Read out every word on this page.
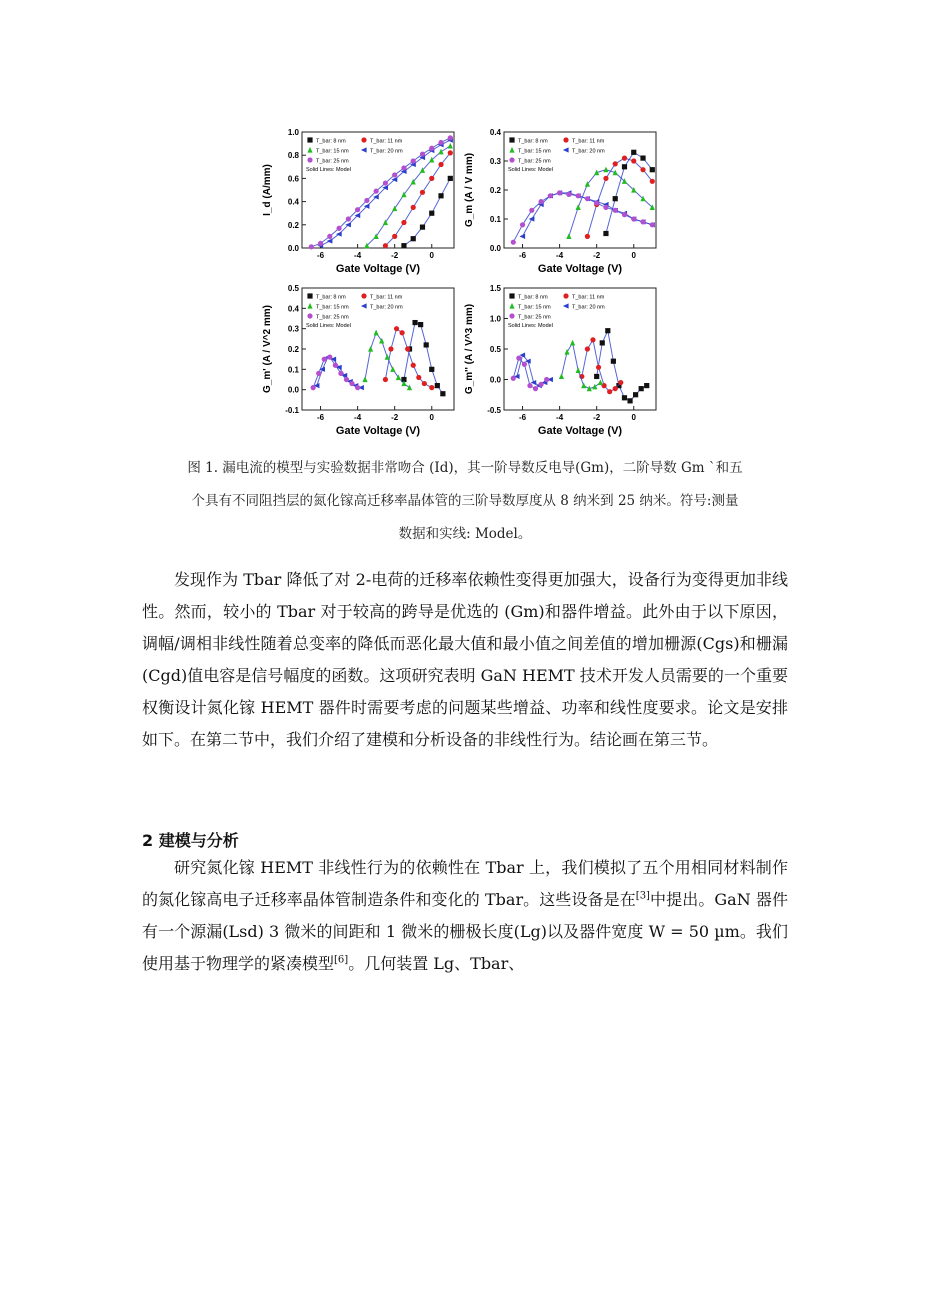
1.0
0.8
0.6
0.4
0.2
0.0
-6	-4	-2	0
Gate Voltage (V)
I_d (A/mm)
T_bar: 8 nm	T_bar: 11 nm
T_bar: 15 nm	T_bar: 20 nm
T_bar: 25 nm
Solid Lines: Model
0.4
0.3
0.2
0.1
0.0
-6	-4	-2	0
Gate Voltage (V)
G_m (A / V mm)
T_bar: 8 nm	T_bar: 11 nm
T_bar: 15 nm	T_bar: 20 nm
T_bar: 25 nm
Solid Lines: Model
0.5
0.4
0.3
0.2
0.1
0.0
-0.1
-6	-4	-2	0
Gate Voltage (V)
G_m' (A / V^2 mm)
T_bar: 8 nm	T_bar: 11 nm
T_bar: 15 nm	T_bar: 20 nm
T_bar: 25 nm
Solid Lines: Model
1.5
1.0
0.5
0.0
-0.5
-6	-4	-2	0
Gate Voltage (V)
G_m'' (A / V^3 mm)
T_bar: 8 nm	T_bar: 11 nm
T_bar: 15 nm	T_bar: 20 nm
T_bar: 25 nm
Solid Lines: Model
图 1. 漏电流的模型与实验数据非常吻合 (Id)，其一阶导数反电导(Gm)，二阶导数 Gm `和五
个具有不同阻挡层的氮化镓高迁移率晶体管的三阶导数厚度从 8 纳米到 25 纳米。符号:测量
数据和实线: Model。

发现作为 Tbar 降低了对 2-电荷的迁移率依赖性变得更加强大，设备行为变得更加非线性。然而，较小的 Tbar 对于较高的跨导是优选的 (Gm)和器件增益。此外由于以下原因，调幅/调相非线性随着总变率的降低而恶化最大值和最小值之间差值的增加栅源(Cgs)和栅漏(Cgd)值电容是信号幅度的函数。这项研究表明 GaN HEMT 技术开发人员需要的一个重要权衡设计氮化镓 HEMT 器件时需要考虑的问题某些增益、功率和线性度要求。论文是安排如下。在第二节中，我们介绍了建模和分析设备的非线性行为。结论画在第三节。

2 建模与分析

研究氮化镓 HEMT 非线性行为的依赖性在 Tbar 上，我们模拟了五个用相同材料制作的氮化镓高电子迁移率晶体管制造条件和变化的 Tbar。这些设备是在[3]中提出。GaN 器件有一个源漏(Lsd) 3 微米的间距和 1 微米的栅极长度(Lg)以及器件宽度 W = 50 µm。我们使用基于物理学的紧凑模型[6]。几何装置 Lg、Tbar、
